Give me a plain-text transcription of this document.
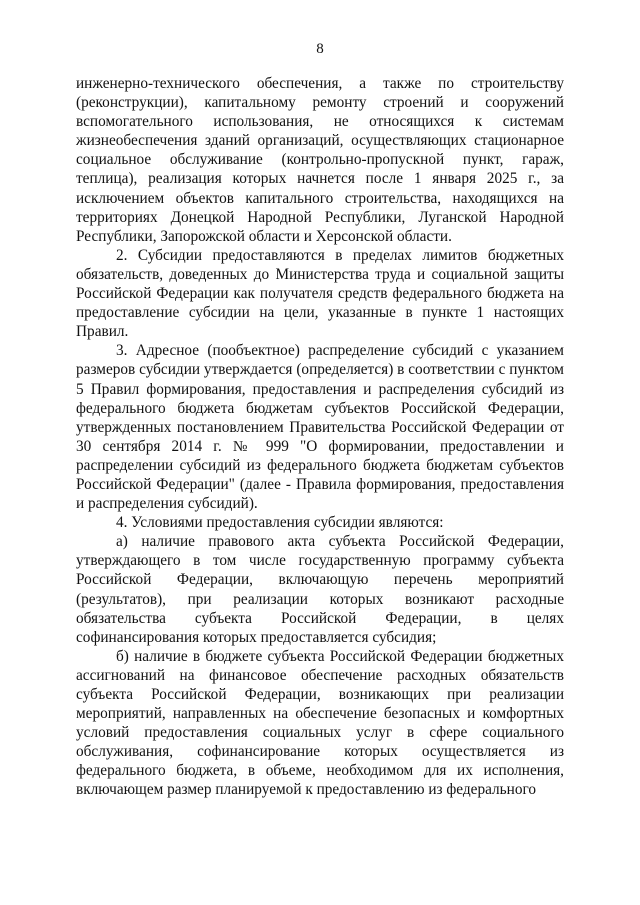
8

инженерно-технического обеспечения, а также по строительству (реконструкции), капитальному ремонту строений и сооружений вспомогательного использования, не относящихся к системам жизнеобеспечения зданий организаций, осуществляющих стационарное социальное обслуживание (контрольно-пропускной пункт, гараж, теплица), реализация которых начнется после 1 января 2025 г., за исключением объектов капитального строительства, находящихся на территориях Донецкой Народной Республики, Луганской Народной Республики, Запорожской области и Херсонской области.

2. Субсидии предоставляются в пределах лимитов бюджетных обязательств, доведенных до Министерства труда и социальной защиты Российской Федерации как получателя средств федерального бюджета на предоставление субсидии на цели, указанные в пункте 1 настоящих Правил.

3. Адресное (пообъектное) распределение субсидий с указанием размеров субсидии утверждается (определяется) в соответствии с пунктом 5 Правил формирования, предоставления и распределения субсидий из федерального бюджета бюджетам субъектов Российской Федерации, утвержденных постановлением Правительства Российской Федерации от 30 сентября 2014 г. № 999 "О формировании, предоставлении и распределении субсидий из федерального бюджета бюджетам субъектов Российской Федерации" (далее - Правила формирования, предоставления и распределения субсидий).

4. Условиями предоставления субсидии являются:

а) наличие правового акта субъекта Российской Федерации, утверждающего в том числе государственную программу субъекта Российской Федерации, включающую перечень мероприятий (результатов), при реализации которых возникают расходные обязательства субъекта Российской Федерации, в целях софинансирования которых предоставляется субсидия;

б) наличие в бюджете субъекта Российской Федерации бюджетных ассигнований на финансовое обеспечение расходных обязательств субъекта Российской Федерации, возникающих при реализации мероприятий, направленных на обеспечение безопасных и комфортных условий предоставления социальных услуг в сфере социального обслуживания, софинансирование которых осуществляется из федерального бюджета, в объеме, необходимом для их исполнения, включающем размер планируемой к предоставлению из федерального
